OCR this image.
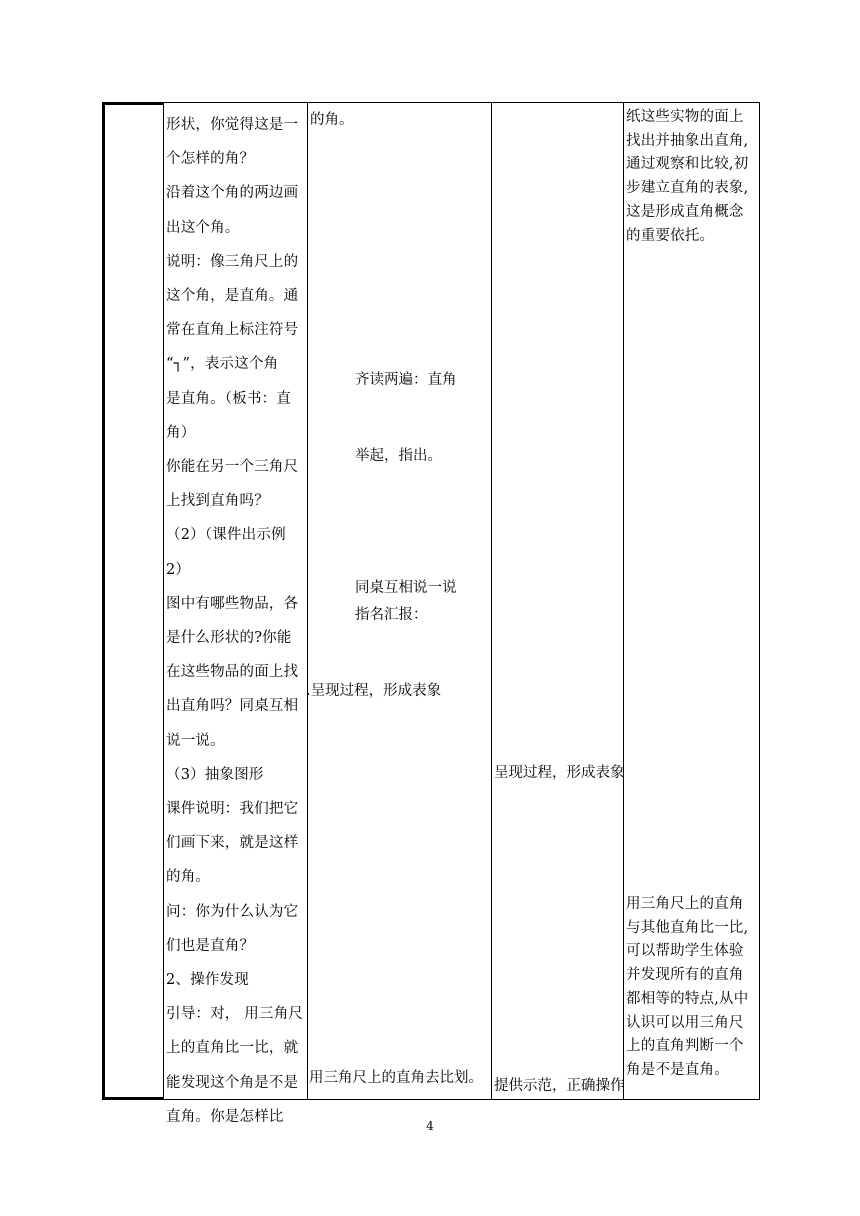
形状，你觉得这是一

个怎样的角？

沿着这个角的两边画

出这个角。

说明：像三角尺上的

这个角，是直角。通

常在直角上标注符号

“┐”，表示这个角

是直角。（板书：直

角）

你能在另一个三角尺

上找到直角吗？

（2）（课件出示例 2）

图中有哪些物品，各

是什么形状的?你能

在这些物品的面上找

出直角吗？同桌互相

说一说。

（3）抽象图形

课件说明：我们把它

们画下来，就是这样

的角。

问：你为什么认为它

们也是直角？

2、操作发现

引导：对， 用三角尺

上的直角比一比，就

能发现这个角是不是

直角。你是怎样比

的角。
齐读两遍：直角
举起，指出。
同桌互相说一说
指名汇报：
.呈现过程，形成表象
用三角尺上的直角去比划。
呈现过程，形成表象
提供示范，正确操作

纸这些实物的面上

找出并抽象出直角,

通过观察和比较,初

步建立直角的表象,

这是形成直角概念

的重要依托。

用三角尺上的直角

与其他直角比一比,

可以帮助学生体验

并发现所有的直角

都相等的特点,从中

认识可以用三角尺

上的直角判断一个

角是不是直角。

4
